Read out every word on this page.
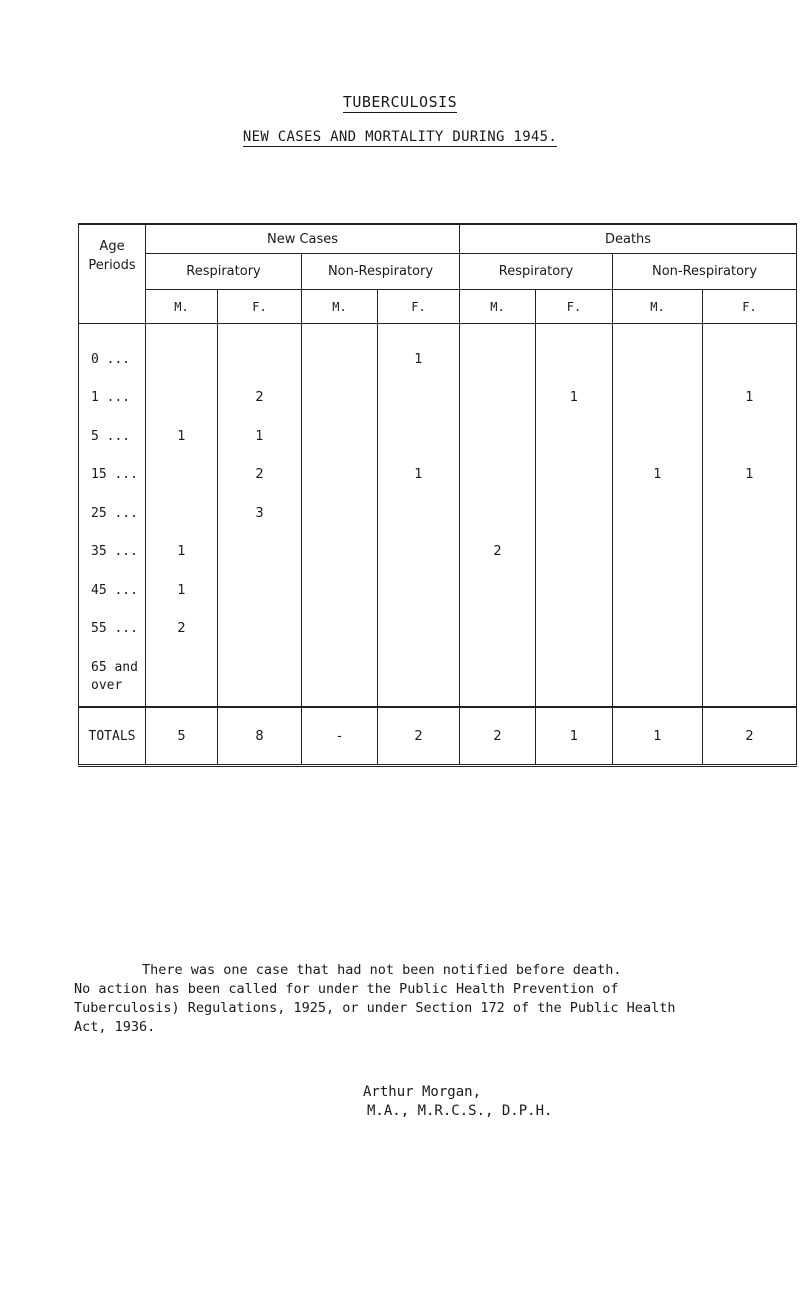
TUBERCULOSIS
NEW CASES AND MORTALITY DURING 1945.
Age Periods	New Cases				Deaths			
	Respiratory		Non-Respiratory		Respiratory		Non-Respiratory	
	M.	F.	M.	F.	M.	F.	M.	F.
0 ...				1				
1 ...		2				1		1
5 ...	1	1						
15 ...		2		1			1	1
25 ...		3						
35 ...	1				2			
45 ...	1							
55 ...	2							
65 and over								
TOTALS	5	8	-	2	2	1	1	2

There was one case that had not been notified before death.

No action has been called for under the Public Health Prevention of

Tuberculosis) Regulations, 1925, or under Section 172 of the Public Health

Act, 1936.

Arthur Morgan,
M.A., M.R.C.S., D.P.H.
